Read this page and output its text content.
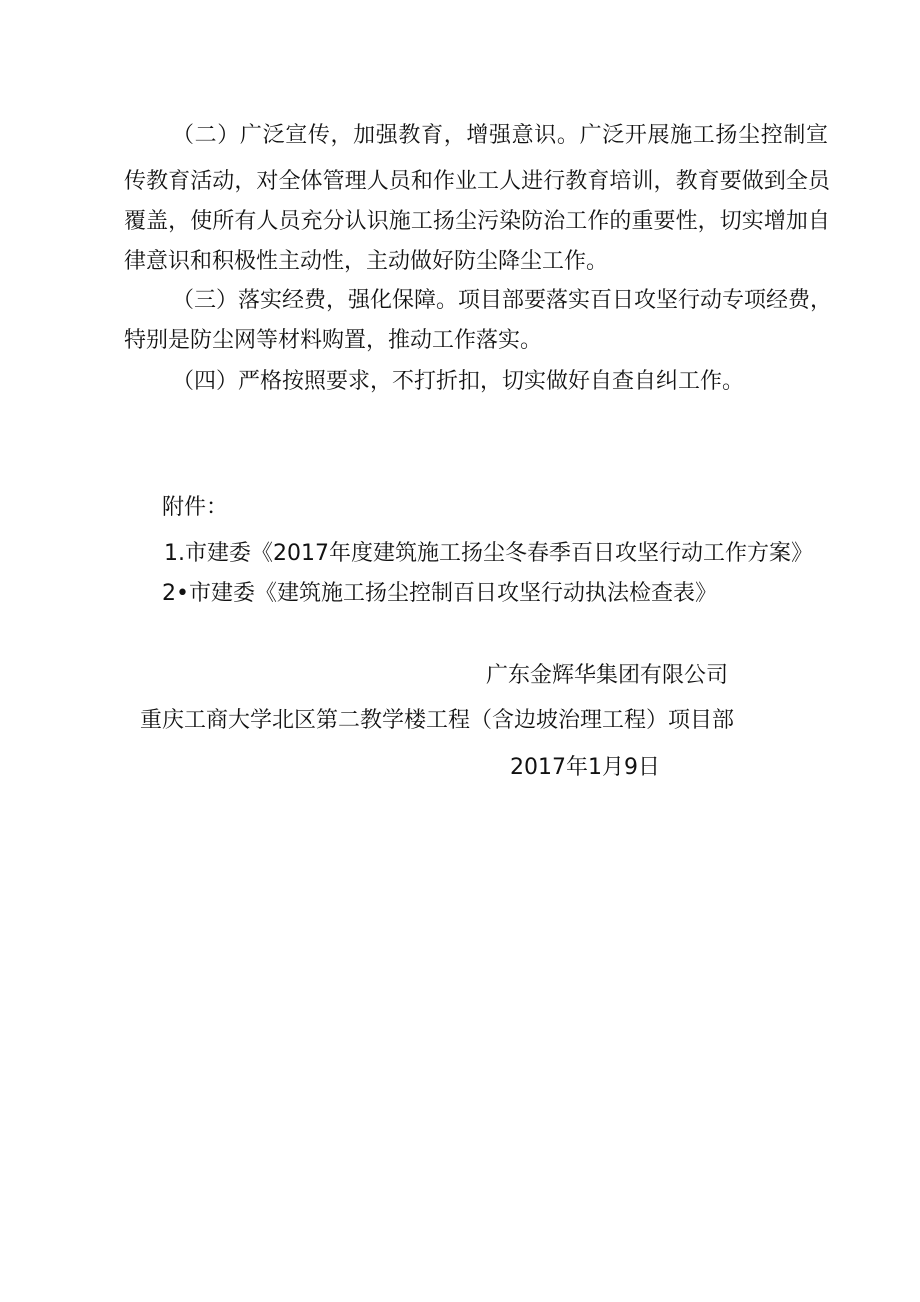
（二）广泛宣传，加强教育，增强意识。广泛开展施工扬尘控制宣
传教育活动，对全体管理人员和作业工人进行教育培训，教育要做到全员
覆盖，使所有人员充分认识施工扬尘污染防治工作的重要性，切实增加自
律意识和积极性主动性，主动做好防尘降尘工作。
（三）落实经费，强化保障。项目部要落实百日攻坚行动专项经费，
特别是防尘网等材料购置，推动工作落实。
（四）严格按照要求，不打折扣，切实做好自查自纠工作。
附件：
1.市建委《2017年度建筑施工扬尘冬春季百日攻坚行动工作方案》
2•市建委《建筑施工扬尘控制百日攻坚行动执法检查表》
广东金辉华集团有限公司
重庆工商大学北区第二教学楼工程（含边坡治理工程）项目部
2017年1月9日
